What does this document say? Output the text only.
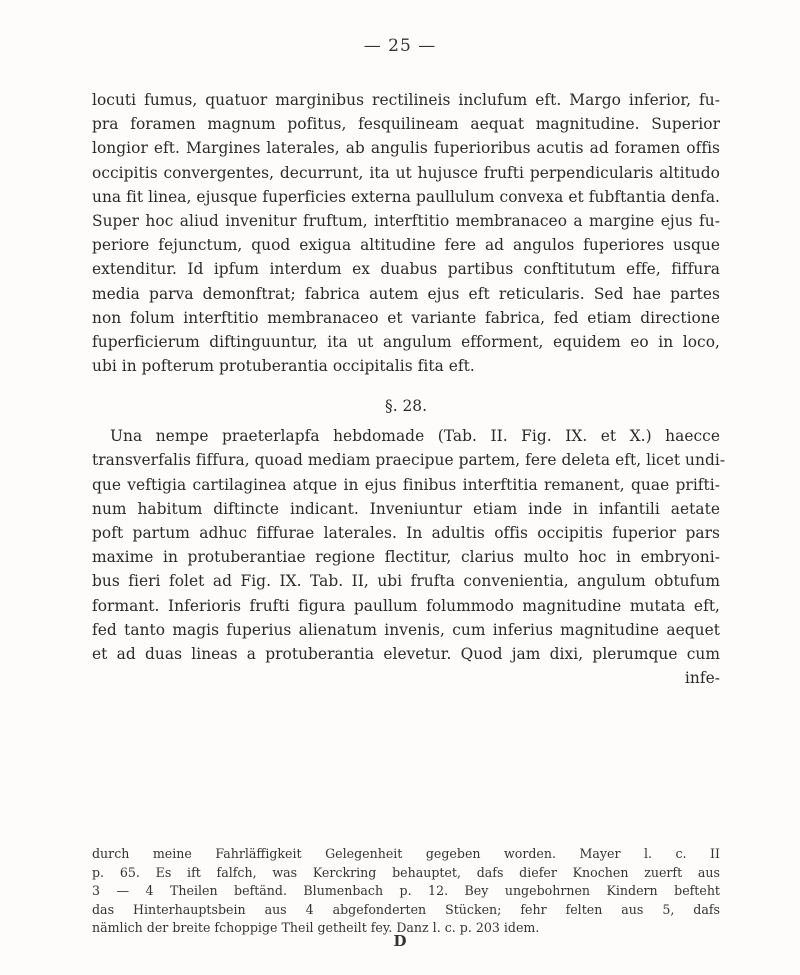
— 25 —
locuti fumus, quatuor marginibus rectilineis inclufum eft. Margo inferior, fu-
pra foramen magnum pofitus, fesquilineam aequat magnitudine. Superior
longior eft. Margines laterales, ab angulis fuperioribus acutis ad foramen offis
occipitis convergentes, decurrunt, ita ut hujusce frufti perpendicularis altitudo
una fit linea, ejusque fuperficies externa paullulum convexa et fubftantia denfa.
Super hoc aliud invenitur fruftum, interftitio membranaceo a margine ejus fu-
periore fejunctum, quod exigua altitudine fere ad angulos fuperiores usque
extenditur. Id ipfum interdum ex duabus partibus conftitutum effe, fiffura
media parva demonftrat; fabrica autem ejus eft reticularis. Sed hae partes
non folum interftitio membranaceo et variante fabrica, fed etiam directione
fuperficierum diftinguuntur, ita ut angulum efforment, equidem eo in loco,
ubi in pofterum protuberantia occipitalis fita eft.
§. 28.
Una nempe praeterlapfa hebdomade (Tab. II. Fig. IX. et X.) haecce
transverfalis fiffura, quoad mediam praecipue partem, fere deleta eft, licet undi-
que veftigia cartilaginea atque in ejus finibus interftitia remanent, quae prifti-
num habitum diftincte indicant. Inveniuntur etiam inde in infantili aetate
poft partum adhuc fiffurae laterales. In adultis offis occipitis fuperior pars
maxime in protuberantiae regione flectitur, clarius multo hoc in embryoni-
bus fieri folet ad Fig. IX. Tab. II, ubi frufta convenientia, angulum obtufum
formant. Inferioris frufti figura paullum folummodo magnitudine mutata eft,
fed tanto magis fuperius alienatum invenis, cum inferius magnitudine aequet
et ad duas lineas a protuberantia elevetur. Quod jam dixi, plerumque cum
infe-
durch meine Fahrläffigkeit Gelegenheit gegeben worden. Mayer l. c. II
p. 65. Es ift falfch, was Kerckring behauptet, dafs diefer Knochen zuerft aus
3 — 4 Theilen beftänd. Blumenbach p. 12. Bey ungebohrnen Kindern befteht
das Hinterhauptsbein aus 4 abgefonderten Stücken; fehr felten aus 5, dafs
nämlich der breite fchoppige Theil getheilt fey. Danz l. c. p. 203 idem.
D
